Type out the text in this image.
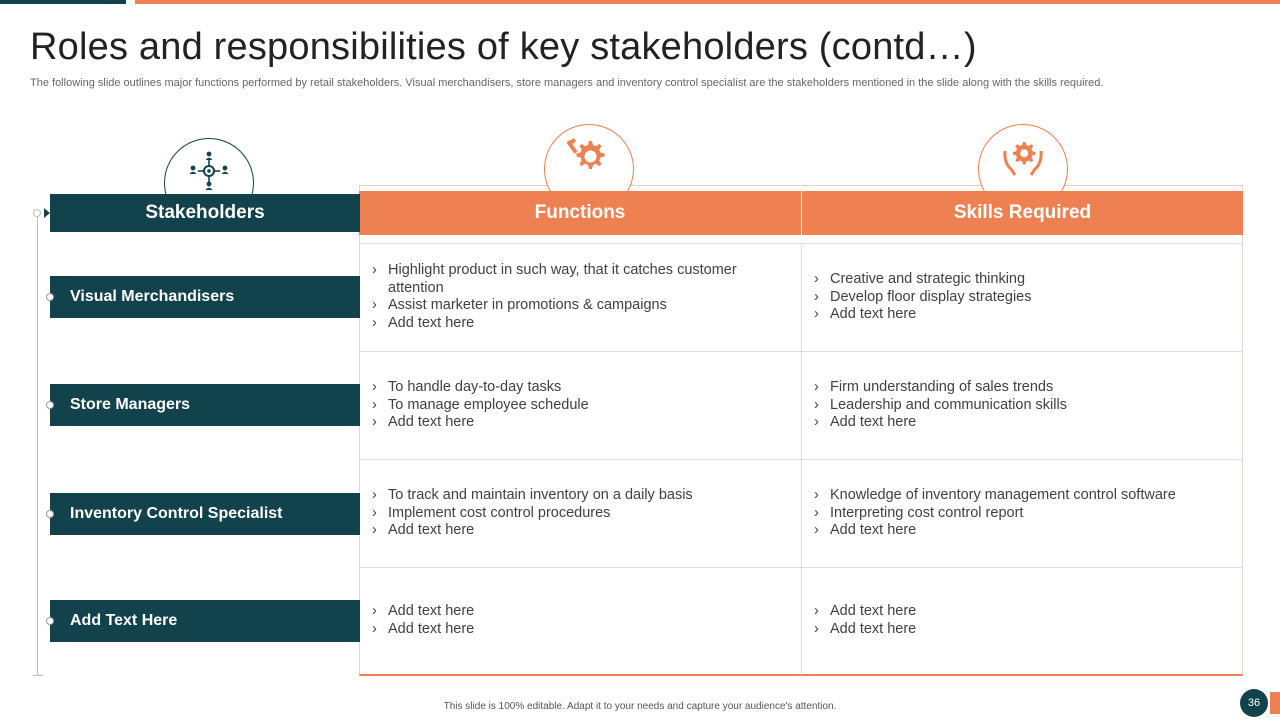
Roles and responsibilities of key stakeholders (contd…)

The following slide outlines major functions performed by retail stakeholders. Visual merchandisers, store managers and inventory control specialist are the stakeholders mentioned in the slide along with the skills required.

Functions	Skills Required
Stakeholders
Visual Merchandisers
Store Managers
Inventory Control Specialist
Add Text Here
› Highlight product in such way, that it catches customer attention
› Assist marketer in promotions & campaigns
› Add text here
› Creative and strategic thinking
› Develop floor display strategies
› Add text here
› To handle day-to-day tasks
› To manage employee schedule
› Add text here
› Firm understanding of sales trends
› Leadership and communication skills
› Add text here
› To track and maintain inventory on a daily basis
› Implement cost control procedures
› Add text here
› Knowledge of inventory management control software
› Interpreting cost control report
› Add text here
› Add text here
› Add text here
› Add text here
› Add text here
This slide is 100% editable. Adapt it to your needs and capture your audience's attention.	36
